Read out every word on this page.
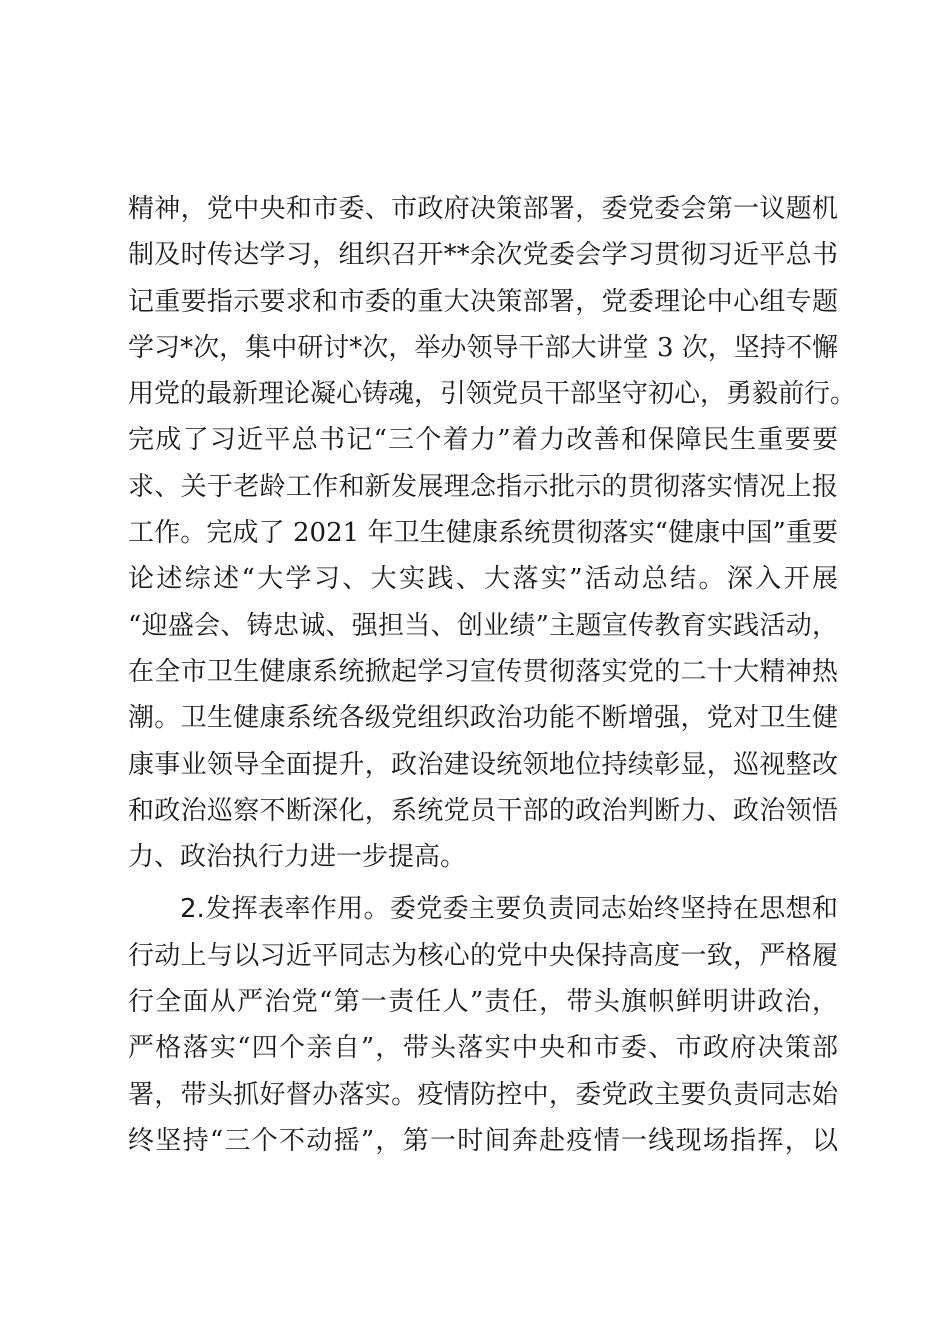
精神，党中央和市委、市政府决策部署，委党委会第一议题机
制及时传达学习，组织召开**余次党委会学习贯彻习近平总书
记重要指示要求和市委的重大决策部署，党委理论中心组专题
学习*次，集中研讨*次，举办领导干部大讲堂 3 次，坚持不懈
用党的最新理论凝心铸魂，引领党员干部坚守初心，勇毅前行。
完成了习近平总书记“三个着力”着力改善和保障民生重要要
求、关于老龄工作和新发展理念指示批示的贯彻落实情况上报
工作。完成了 2021 年卫生健康系统贯彻落实“健康中国”重要
论述综述“大学习、大实践、大落实”活动总结。深入开展
“迎盛会、铸忠诚、强担当、创业绩”主题宣传教育实践活动，
在全市卫生健康系统掀起学习宣传贯彻落实党的二十大精神热
潮。卫生健康系统各级党组织政治功能不断增强，党对卫生健
康事业领导全面提升，政治建设统领地位持续彰显，巡视整改
和政治巡察不断深化，系统党员干部的政治判断力、政治领悟
力、政治执行力进一步提高。
2.发挥表率作用。委党委主要负责同志始终坚持在思想和
行动上与以习近平同志为核心的党中央保持高度一致，严格履
行全面从严治党“第一责任人”责任，带头旗帜鲜明讲政治，
严格落实“四个亲自”，带头落实中央和市委、市政府决策部
署，带头抓好督办落实。疫情防控中，委党政主要负责同志始
终坚持“三个不动摇”，第一时间奔赴疫情一线现场指挥，以
